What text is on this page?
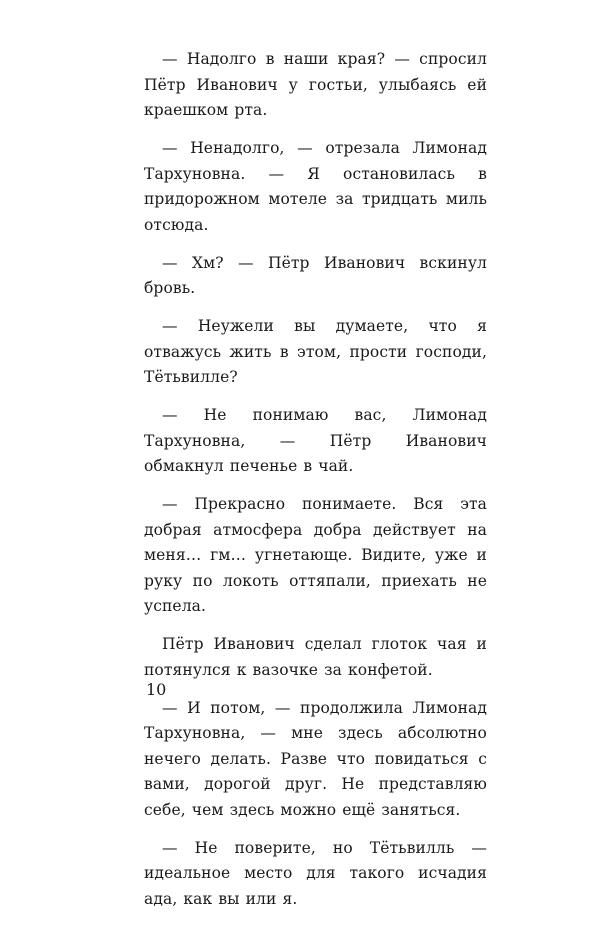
— Надолго в наши края? — спросил Пётр Иванович у гостьи, улыбаясь ей краешком рта.

— Ненадолго, — отрезала Лимонад Тархуновна. — Я остановилась в придорожном мотеле за тридцать миль отсюда.

— Хм? — Пётр Иванович вскинул бровь.

— Неужели вы думаете, что я отважусь жить в этом, прости господи, Тётьвилле?

— Не понимаю вас, Лимонад Тархуновна, — Пётр Иванович обмакнул печенье в чай.

— Прекрасно понимаете. Вся эта добрая атмосфера добра действует на меня… гм… угнетающе. Видите, уже и руку по локоть оттяпали, приехать не успела.

Пётр Иванович сделал глоток чая и потянулся к вазочке за конфетой.

— И потом, — продолжила Лимонад Тархуновна, — мне здесь абсолютно нечего делать. Разве что повидаться с вами, дорогой друг. Не представляю себе, чем здесь можно ещё заняться.

— Не поверите, но Тётьвилль — идеальное место для такого исчадия ада, как вы или я.

10
